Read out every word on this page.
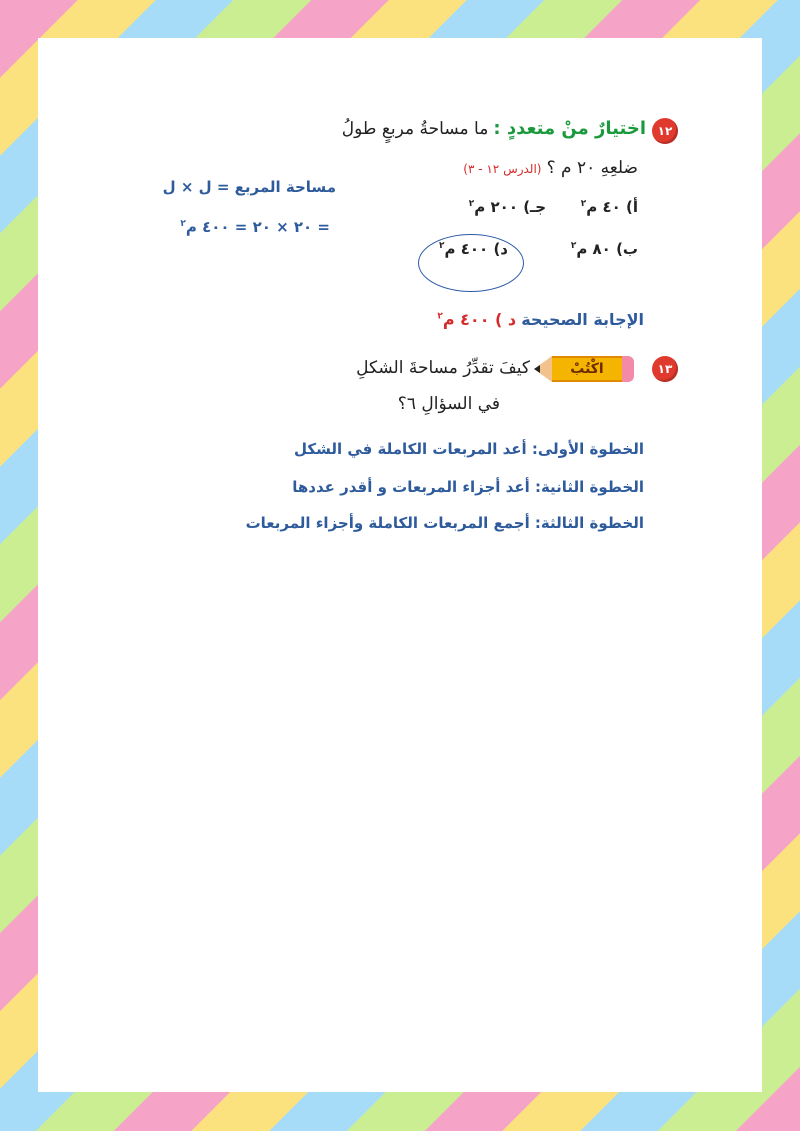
١٢
اختيارٌ منْ متعددٍ : ما مساحةُ مربعٍ طولُ
ضلعِهِ ٢٠ م ؟ (الدرس ١٢ - ٣)
أ) ٤٠ م$^٢$
جـ) ٢٠٠ م$^٢$
ب) ٨٠ م$^٢$
د) ٤٠٠ م$^٢$
مساحة المربع = ل × ل
= ٢٠ × ٢٠ = ٤٠٠ م$^٢$
الإجابة الصحيحة د ) ٤٠٠ م$^٢$
١٣
اكْتُبْ
كيفَ تقدِّرُ مساحةَ الشكلِ
في السؤالِ ٦؟
الخطوة الأولى: أعد المربعات الكاملة في الشكل
الخطوة الثانية: أعد أجزاء المربعات و أقدر عددها
الخطوة الثالثة: أجمع المربعات الكاملة وأجزاء المربعات
